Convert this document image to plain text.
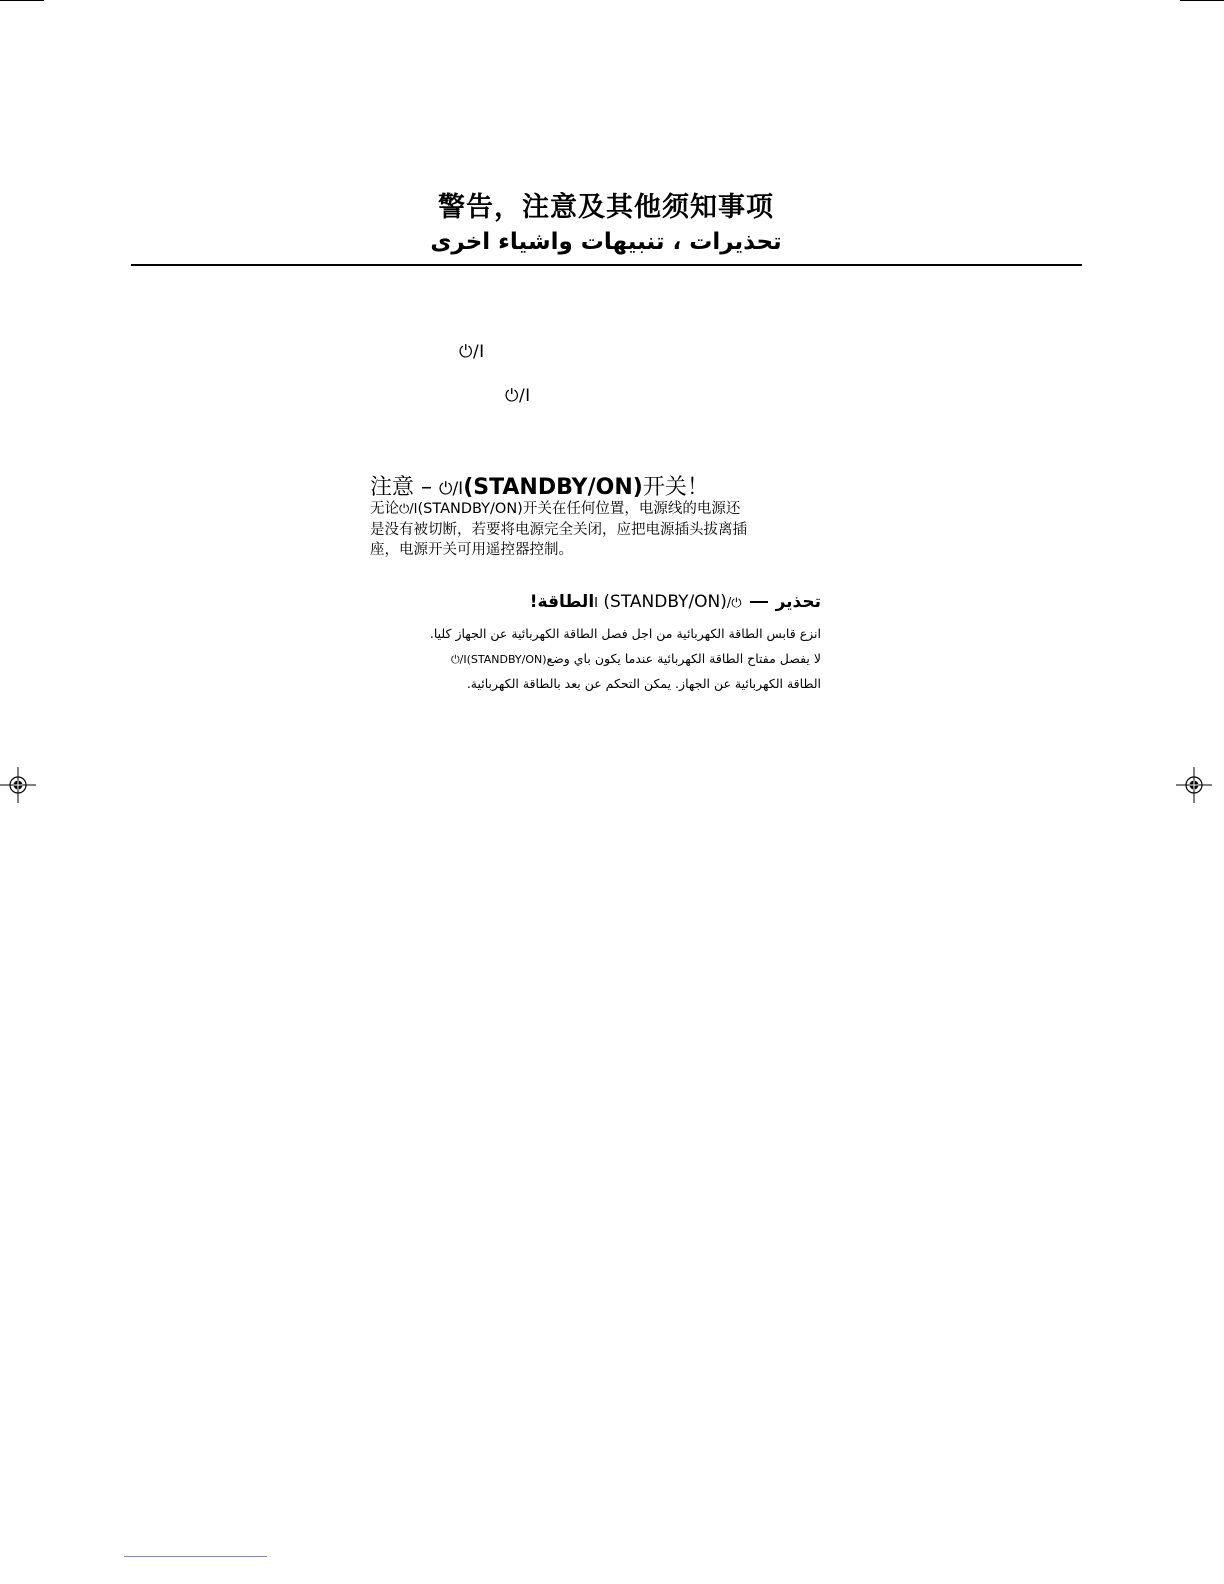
警告，注意及其他须知事项
تحذيرات ، تنبيهات واشياء اخرى
⏻/I
⏻/I
注意 – ⏻/I(STANDBY/ON)开关！
无论⏻/I(STANDBY/ON)开关在任何位置，电源线的电源还
是没有被切断，若要将电源完全关闭，应把电源插头拔离插
座，电源开关可用遥控器控制。
تحذير⏻/I (STANDBY/ON)الطاقة!
انزع قابس الطاقة الكهربائية من اجل فصل الطاقة الكهربائية عن الجهاز كليا.
لا يفصل مفتاح الطاقة الكهربائية عندما يكون باي وضع⏻/I(STANDBY/ON)
الطاقة الكهربائية عن الجهاز. يمكن التحكم عن بعد بالطاقة الكهربائية.
